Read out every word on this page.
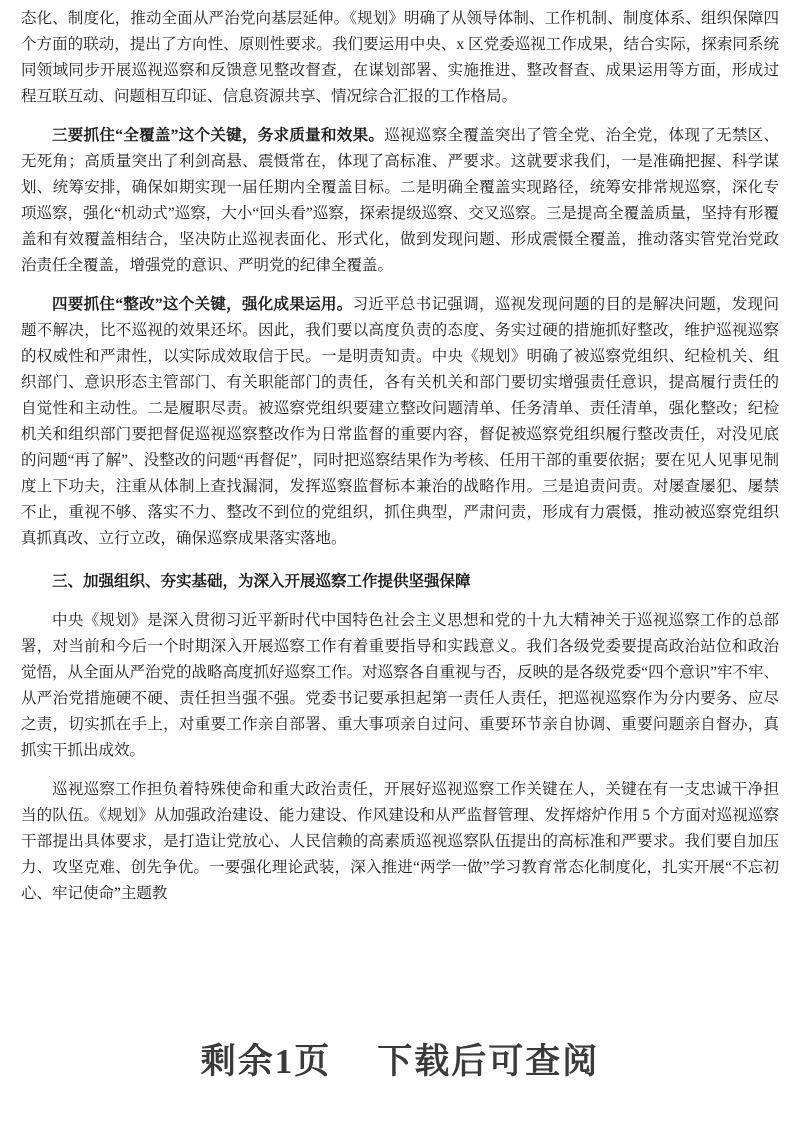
态化、制度化，推动全面从严治党向基层延伸。《规划》明确了从领导体制、工作机制、制度体系、组织保障四个方面的联动，提出了方向性、原则性要求。我们要运用中央、x 区党委巡视工作成果，结合实际，探索同系统同领域同步开展巡视巡察和反馈意见整改督查，在谋划部署、实施推进、整改督查、成果运用等方面，形成过程互联互动、问题相互印证、信息资源共享、情况综合汇报的工作格局。

三要抓住“全覆盖”这个关键，务求质量和效果。巡视巡察全覆盖突出了管全党、治全党，体现了无禁区、无死角；高质量突出了利剑高悬、震慑常在，体现了高标准、严要求。这就要求我们，一是准确把握、科学谋划、统筹安排，确保如期实现一届任期内全覆盖目标。二是明确全覆盖实现路径，统筹安排常规巡察，深化专项巡察，强化“机动式”巡察，大小“回头看”巡察，探索提级巡察、交叉巡察。三是提高全覆盖质量，坚持有形覆盖和有效覆盖相结合，坚决防止巡视表面化、形式化，做到发现问题、形成震慑全覆盖，推动落实管党治党政治责任全覆盖，增强党的意识、严明党的纪律全覆盖。

四要抓住“整改”这个关键，强化成果运用。习近平总书记强调，巡视发现问题的目的是解决问题，发现问题不解决，比不巡视的效果还坏。因此，我们要以高度负责的态度、务实过硬的措施抓好整改，维护巡视巡察的权威性和严肃性，以实际成效取信于民。一是明责知责。中央《规划》明确了被巡察党组织、纪检机关、组织部门、意识形态主管部门、有关职能部门的责任，各有关机关和部门要切实增强责任意识，提高履行责任的自觉性和主动性。二是履职尽责。被巡察党组织要建立整改问题清单、任务清单、责任清单，强化整改；纪检机关和组织部门要把督促巡视巡察整改作为日常监督的重要内容，督促被巡察党组织履行整改责任，对没见底的问题“再了解”、没整改的问题“再督促”，同时把巡察结果作为考核、任用干部的重要依据；要在见人见事见制度上下功夫，注重从体制上查找漏洞，发挥巡察监督标本兼治的战略作用。三是追责问责。对屡查屡犯、屡禁不止，重视不够、落实不力、整改不到位的党组织，抓住典型，严肃问责，形成有力震慑，推动被巡察党组织真抓真改、立行立改，确保巡察成果落实落地。

三、加强组织、夯实基础，为深入开展巡察工作提供坚强保障

中央《规划》是深入贯彻习近平新时代中国特色社会主义思想和党的十九大精神关于巡视巡察工作的总部署，对当前和今后一个时期深入开展巡察工作有着重要指导和实践意义。我们各级党委要提高政治站位和政治觉悟，从全面从严治党的战略高度抓好巡察工作。对巡察各自重视与否，反映的是各级党委“四个意识”牢不牢、从严治党措施硬不硬、责任担当强不强。党委书记要承担起第一责任人责任，把巡视巡察作为分内要务、应尽之责，切实抓在手上，对重要工作亲自部署、重大事项亲自过问、重要环节亲自协调、重要问题亲自督办，真抓实干抓出成效。

巡视巡察工作担负着特殊使命和重大政治责任，开展好巡视巡察工作关键在人，关键在有一支忠诚干净担当的队伍。《规划》从加强政治建设、能力建设、作风建设和从严监督管理、发挥熔炉作用 5 个方面对巡视巡察干部提出具体要求，是打造让党放心、人民信赖的高素质巡视巡察队伍提出的高标准和严要求。我们要自加压力、攻坚克难、创先争优。一要强化理论武装，深入推进“两学一做”学习教育常态化制度化，扎实开展“不忘初心、牢记使命”主题教

剩余1页 下载后可查阅
